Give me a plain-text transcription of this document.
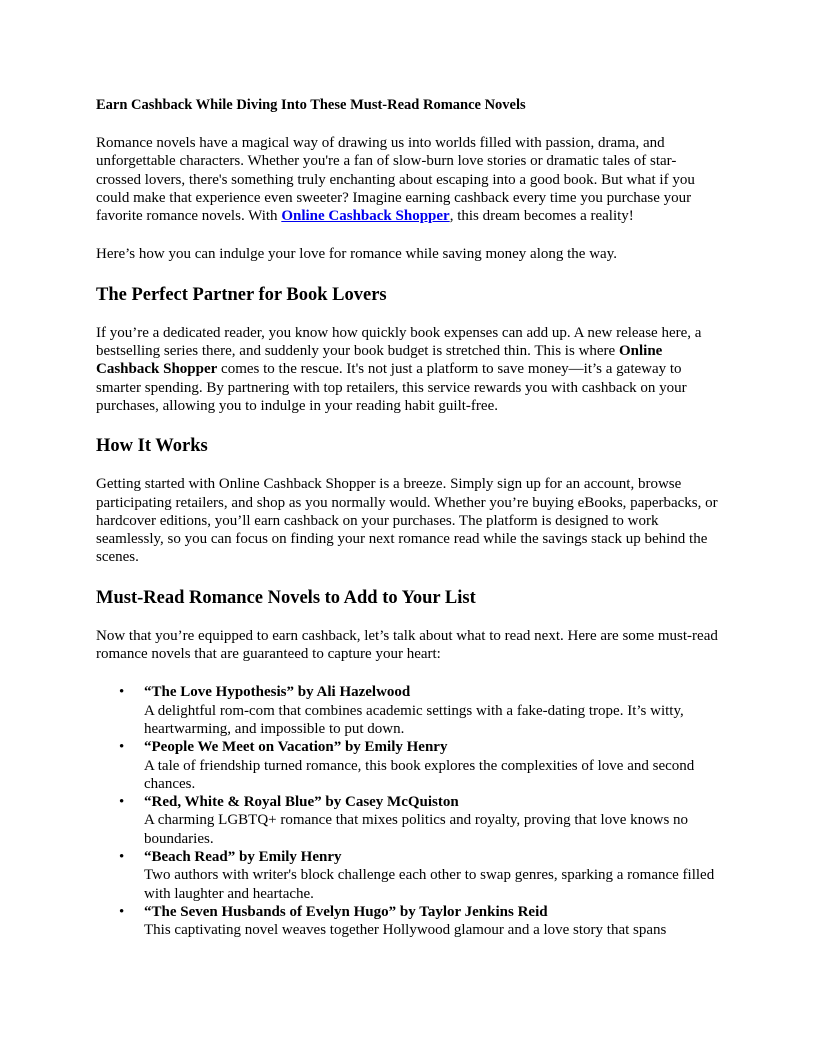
Earn Cashback While Diving Into These Must-Read Romance Novels

Romance novels have a magical way of drawing us into worlds filled with passion, drama, and unforgettable characters. Whether you're a fan of slow-burn love stories or dramatic tales of star-crossed lovers, there's something truly enchanting about escaping into a good book. But what if you could make that experience even sweeter? Imagine earning cashback every time you purchase your favorite romance novels. With Online Cashback Shopper, this dream becomes a reality!

Here’s how you can indulge your love for romance while saving money along the way.

The Perfect Partner for Book Lovers

If you’re a dedicated reader, you know how quickly book expenses can add up. A new release here, a bestselling series there, and suddenly your book budget is stretched thin. This is where Online Cashback Shopper comes to the rescue. It's not just a platform to save money—it’s a gateway to smarter spending. By partnering with top retailers, this service rewards you with cashback on your purchases, allowing you to indulge in your reading habit guilt-free.

How It Works

Getting started with Online Cashback Shopper is a breeze. Simply sign up for an account, browse participating retailers, and shop as you normally would. Whether you’re buying eBooks, paperbacks, or hardcover editions, you’ll earn cashback on your purchases. The platform is designed to work seamlessly, so you can focus on finding your next romance read while the savings stack up behind the scenes.

Must-Read Romance Novels to Add to Your List

Now that you’re equipped to earn cashback, let’s talk about what to read next. Here are some must-read romance novels that are guaranteed to capture your heart:

• “The Love Hypothesis” by Ali Hazelwood
A delightful rom-com that combines academic settings with a fake-dating trope. It’s witty, heartwarming, and impossible to put down.
• “People We Meet on Vacation” by Emily Henry
A tale of friendship turned romance, this book explores the complexities of love and second chances.
• “Red, White & Royal Blue” by Casey McQuiston
A charming LGBTQ+ romance that mixes politics and royalty, proving that love knows no boundaries.
• “Beach Read” by Emily Henry
Two authors with writer's block challenge each other to swap genres, sparking a romance filled with laughter and heartache.
• “The Seven Husbands of Evelyn Hugo” by Taylor Jenkins Reid
This captivating novel weaves together Hollywood glamour and a love story that spans
